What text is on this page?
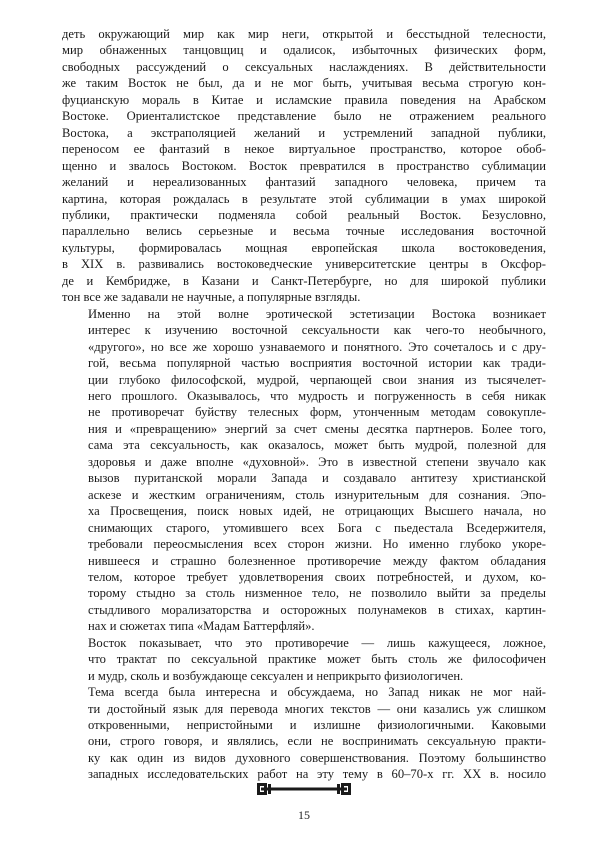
деть окружающий мир как мир неги, открытой и бесстыдной телесности,
мир обнаженных танцовщиц и одалисок, избыточных физических форм,
свободных рассуждений о сексуальных наслаждениях. В действительности
же таким Восток не был, да и не мог быть, учитывая весьма строгую кон-
фуцианскую мораль в Китае и исламские правила поведения на Арабском
Востоке. Ориенталистское представление было не отражением реального
Востока, а экстраполяцией желаний и устремлений западной публики,
переносом ее фантазий в некое виртуальное пространство, которое обоб-
щенно и звалось Востоком. Восток превратился в пространство сублимации
желаний и нереализованных фантазий западного человека, причем та
картина, которая рождалась в результате этой сублимации в умах широкой
публики, практически подменяла собой реальный Восток. Безусловно,
параллельно велись серьезные и весьма точные исследования восточной
культуры, формировалась мощная европейская школа востоковедения,
в XIX в. развивались востоковедческие университетские центры в Оксфор-
де и Кембридже, в Казани и Санкт-Петербурге, но для широкой публики
тон все же задавали не научные, а популярные взгляды.

Именно на этой волне эротической эстетизации Востока возникает
интерес к изучению восточной сексуальности как чего-то необычного,
«другого», но все же хорошо узнаваемого и понятного. Это сочеталось и с дру-
гой, весьма популярной частью восприятия восточной истории как тради-
ции глубоко философской, мудрой, черпающей свои знания из тысячелет-
него прошлого. Оказывалось, что мудрость и погруженность в себя никак
не противоречат буйству телесных форм, утонченным методам совокупле-
ния и «превращению» энергий за счет смены десятка партнеров. Более того,
сама эта сексуальность, как оказалось, может быть мудрой, полезной для
здоровья и даже вполне «духовной». Это в известной степени звучало как
вызов пуританской морали Запада и создавало антитезу христианской
аскезе и жестким ограничениям, столь изнурительным для сознания. Эпо-
ха Просвещения, поиск новых идей, не отрицающих Высшего начала, но
снимающих старого, утомившего всех Бога с пьедестала Вседержителя,
требовали переосмысления всех сторон жизни. Но именно глубоко укоре-
нившееся и страшно болезненное противоречие между фактом обладания
телом, которое требует удовлетворения своих потребностей, и духом, ко-
торому стыдно за столь низменное тело, не позволило выйти за пределы
стыдливого морализаторства и осторожных полунамеков в стихах, картин-
нах и сюжетах типа «Мадам Баттерфляй».

Восток показывает, что это противоречие — лишь кажущееся, ложное,
что трактат по сексуальной практике может быть столь же философичен
и мудр, сколь и возбуждающе сексуален и неприкрыто физиологичен.

Тема всегда была интересна и обсуждаема, но Запад никак не мог най-
ти достойный язык для перевода многих текстов — они казались уж слишком
откровенными, непристойными и излишне физиологичными. Каковыми
они, строго говоря, и являлись, если не воспринимать сексуальную практи-
ку как один из видов духовного совершенствования. Поэтому большинство
западных исследовательских работ на эту тему в 60–70-х гг. XX в. носило

15
